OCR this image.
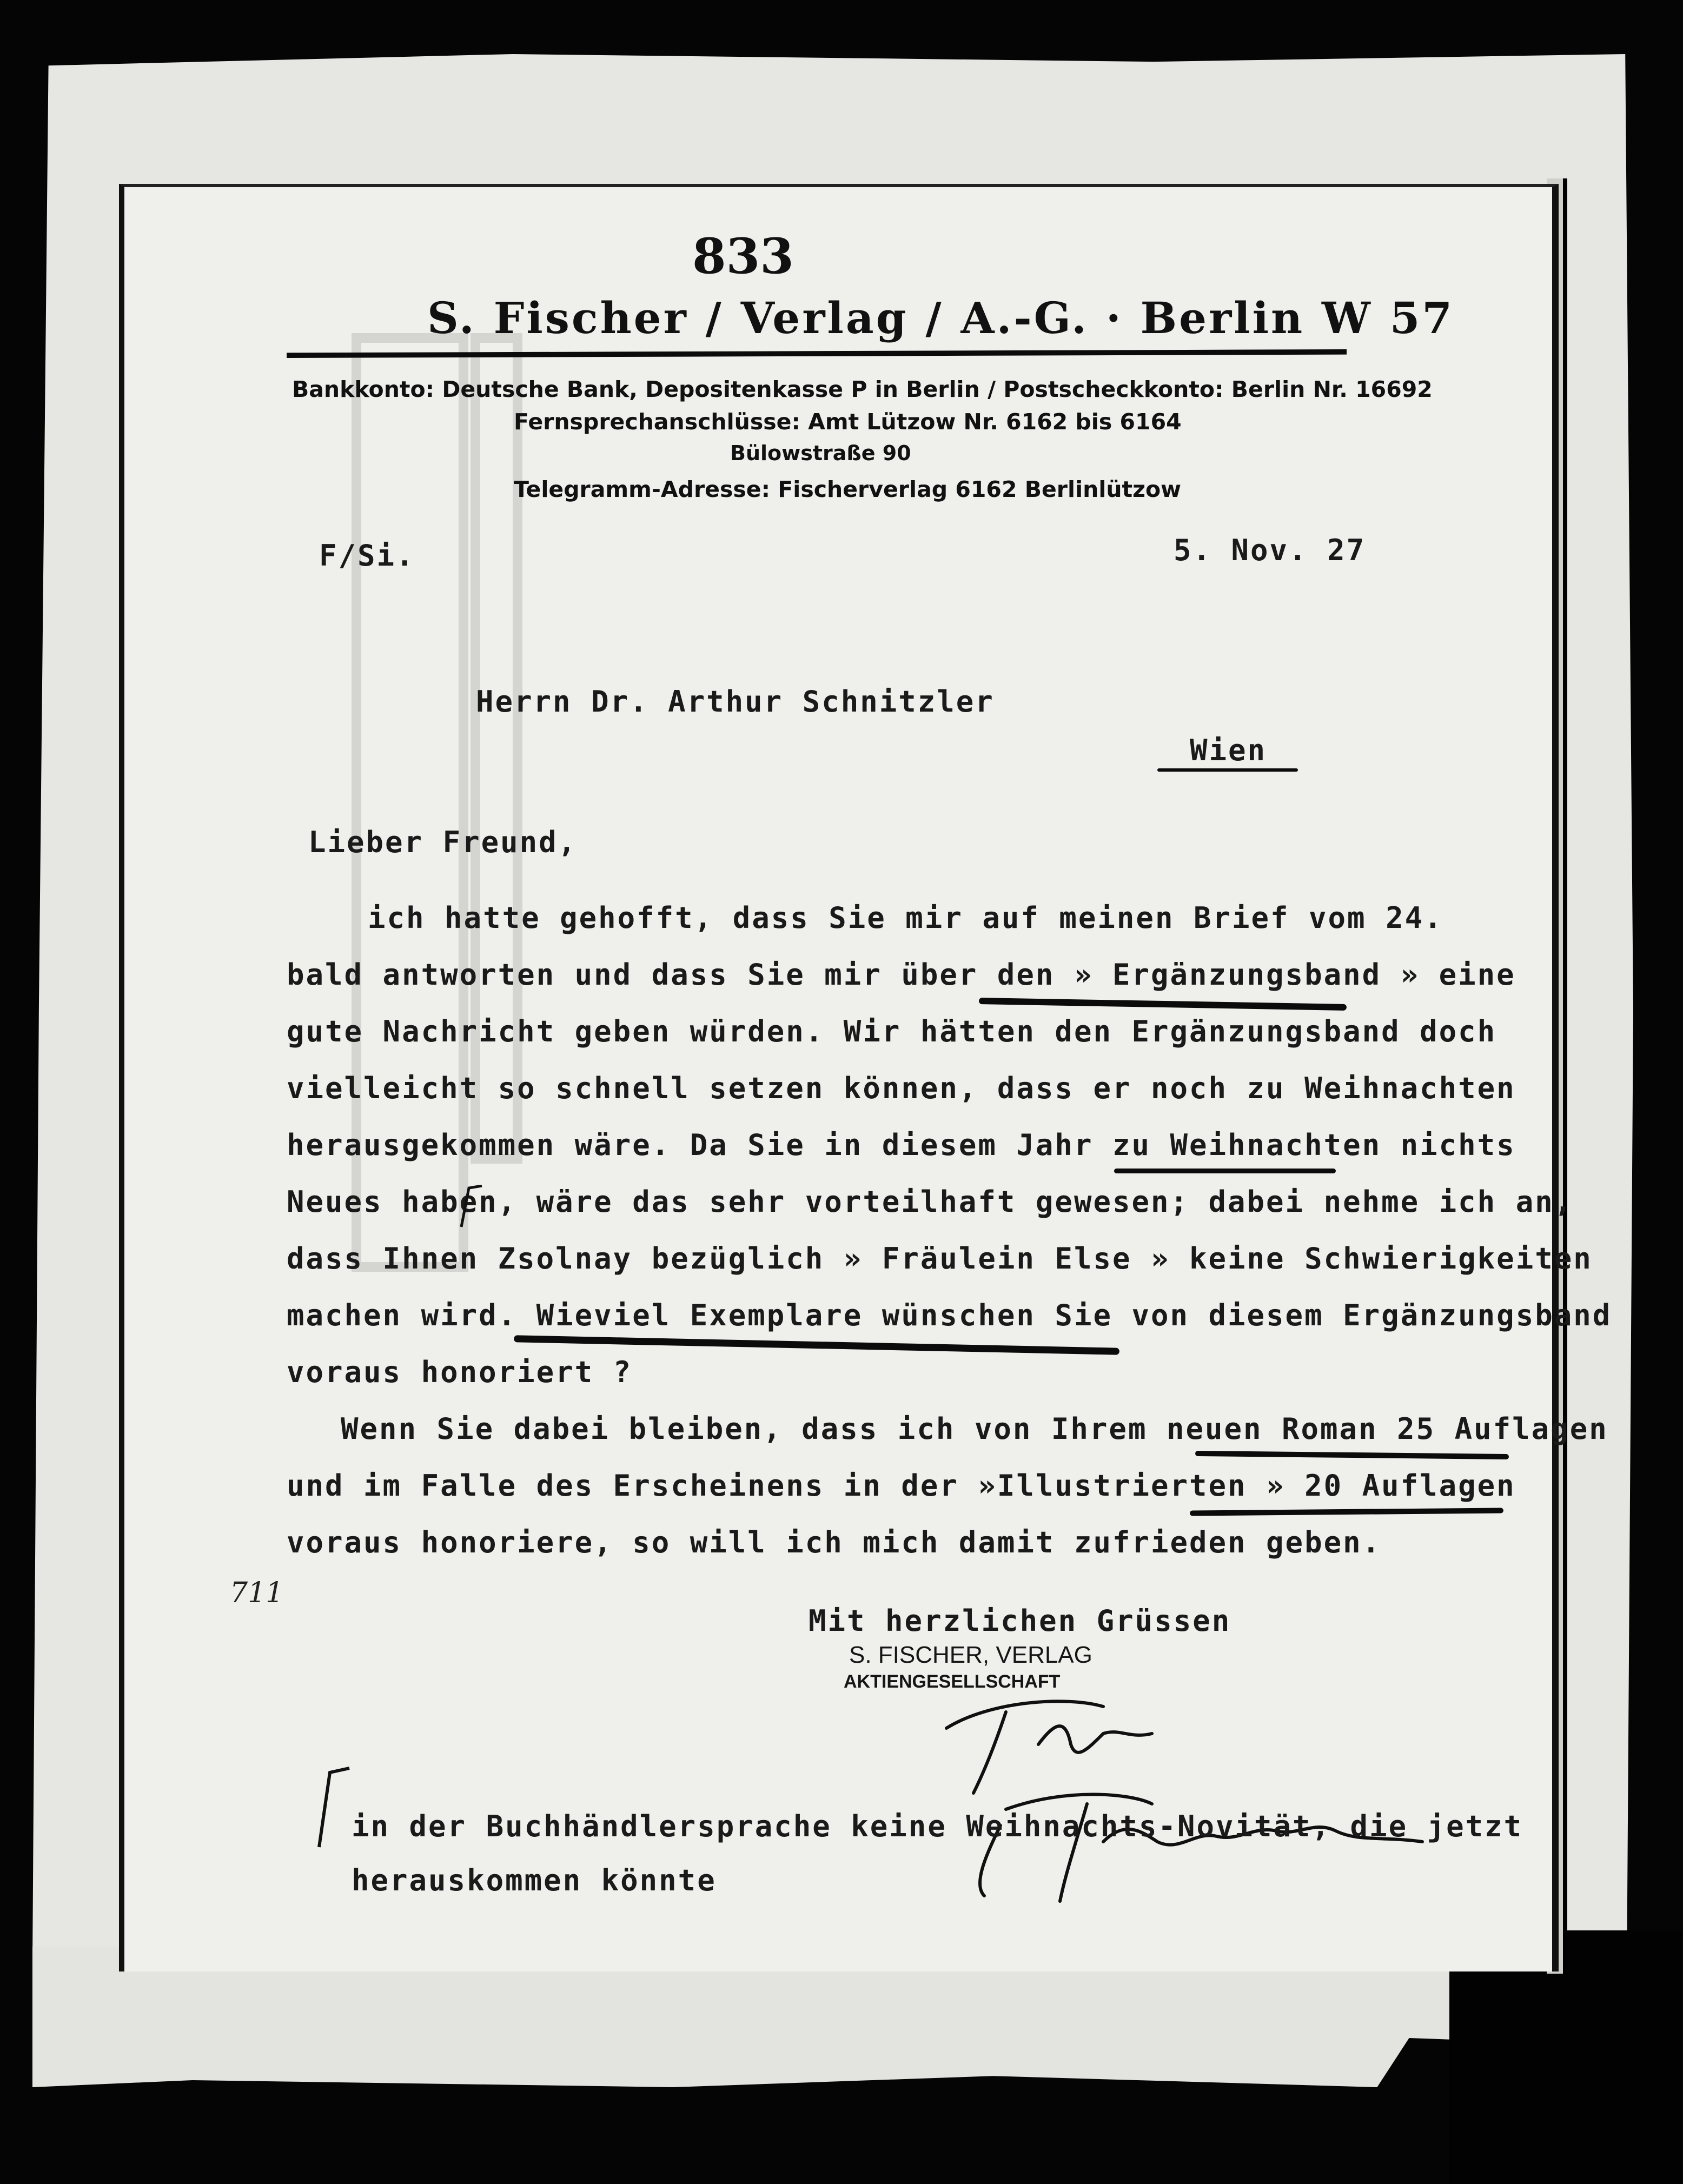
833
S. Fischer / Verlag / A.-G. · Berlin W 57
Bankkonto: Deutsche Bank, Depositenkasse P in Berlin / Postscheckkonto: Berlin Nr. 16692
Fernsprechanschlüsse: Amt Lützow Nr. 6162 bis 6164
Bülowstraße 90
Telegramm-Adresse: Fischerverlag 6162 Berlinlützow
F/Si.	5. Nov. 27
Herrn Dr. Arthur Schnitzler
Wien
Lieber Freund,
ich hatte gehofft, dass Sie mir auf meinen Brief vom 24.
bald antworten und dass Sie mir über den » Ergänzungsband » eine
gute Nachricht geben würden. Wir hätten den Ergänzungsband doch
vielleicht so schnell setzen können, dass er noch zu Weihnachten
herausgekommen wäre. Da Sie in diesem Jahr zu Weihnachten nichts
Neues haben, wäre das sehr vorteilhaft gewesen; dabei nehme ich an,
dass Ihnen Zsolnay bezüglich » Fräulein Else » keine Schwierigkeiten
machen wird. Wieviel Exemplare wünschen Sie von diesem Ergänzungsband
voraus honoriert ?
Wenn Sie dabei bleiben, dass ich von Ihrem neuen Roman 25 Auflagen
und im Falle des Erscheinens in der »Illustrierten » 20 Auflagen
voraus honoriere, so will ich mich damit zufrieden geben.
711
Mit herzlichen Grüssen
S. FISCHER, VERLAG
AKTIENGESELLSCHAFT
in der Buchhändlersprache keine Weihnachts-Novität, die jetzt
herauskommen könnte
